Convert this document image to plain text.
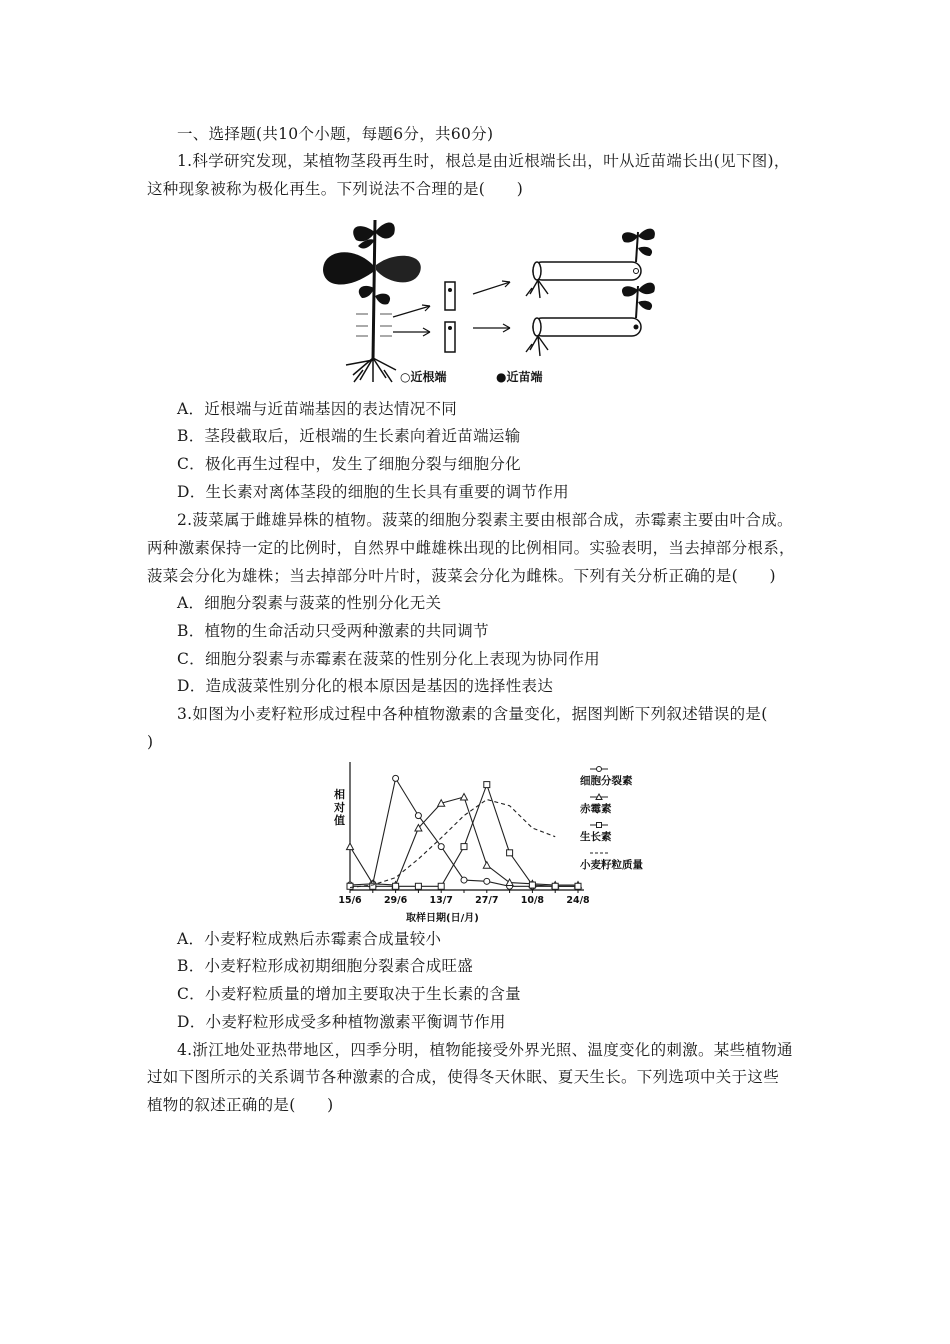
一、选择题(共10个小题，每题6分，共60分)
1.科学研究发现，某植物茎段再生时，根总是由近根端长出，叶从近苗端长出(见下图)，
这种现象被称为极化再生。下列说法不合理的是(　　)
○近根端	●近苗端
A．近根端与近苗端基因的表达情况不同
B．茎段截取后，近根端的生长素向着近苗端运输
C．极化再生过程中，发生了细胞分裂与细胞分化
D．生长素对离体茎段的细胞的生长具有重要的调节作用
2.菠菜属于雌雄异株的植物。菠菜的细胞分裂素主要由根部合成，赤霉素主要由叶合成。
两种激素保持一定的比例时，自然界中雌雄株出现的比例相同。实验表明，当去掉部分根系，
菠菜会分化为雄株；当去掉部分叶片时，菠菜会分化为雌株。下列有关分析正确的是(　　)
A．细胞分裂素与菠菜的性别分化无关
B．植物的生命活动只受两种激素的共同调节
C．细胞分裂素与赤霉素在菠菜的性别分化上表现为协同作用
D．造成菠菜性别分化的根本原因是基因的选择性表达
3.如图为小麦籽粒形成过程中各种植物激素的含量变化，据图判断下列叙述错误的是(
)
相对值
取样日期(日/月)
15/6 29/6 13/7 27/7 10/8 24/8
细胞分裂素
赤霉素
生长素
小麦籽粒质量
A．小麦籽粒成熟后赤霉素合成量较小
B．小麦籽粒形成初期细胞分裂素合成旺盛
C．小麦籽粒质量的增加主要取决于生长素的含量
D．小麦籽粒形成受多种植物激素平衡调节作用
4.浙江地处亚热带地区，四季分明，植物能接受外界光照、温度变化的刺激。某些植物通
过如下图所示的关系调节各种激素的合成，使得冬天休眠、夏天生长。下列选项中关于这些
植物的叙述正确的是(　　)
